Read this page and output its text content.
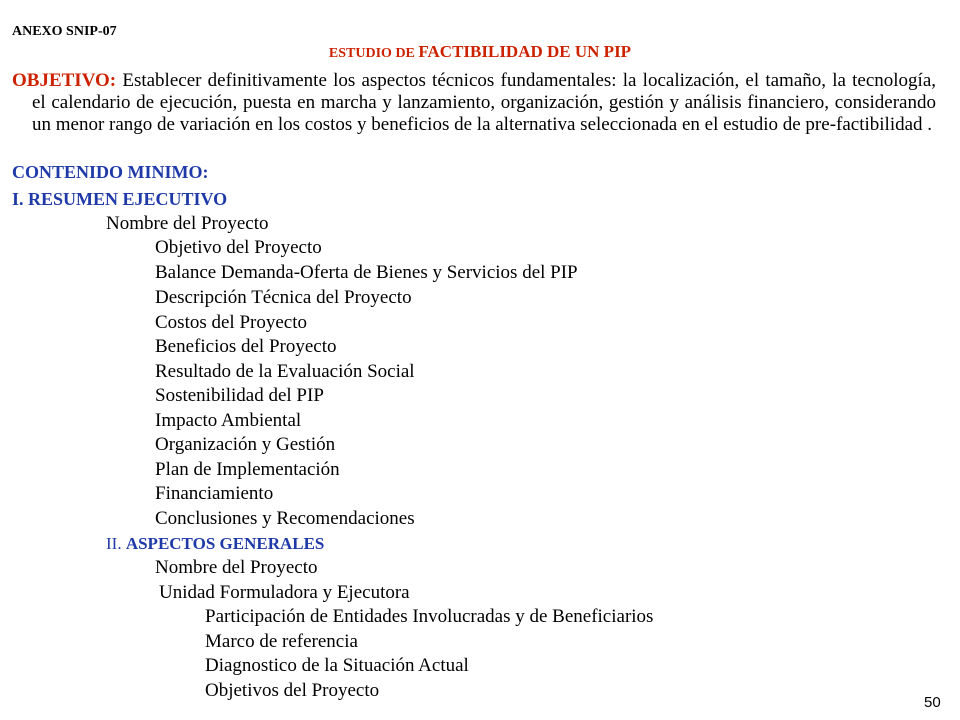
ANEXO SNIP-07
ESTUDIO DE FACTIBILIDAD DE UN PIP
OBJETIVO: Establecer definitivamente los aspectos técnicos fundamentales: la localización, el tamaño, la tecnología, el calendario de ejecución, puesta en marcha y lanzamiento, organización, gestión y análisis financiero, considerando un menor rango de variación en los costos y beneficios de la alternativa seleccionada en el estudio de pre-factibilidad .
CONTENIDO MINIMO:
I. RESUMEN EJECUTIVO
Nombre del Proyecto
Objetivo del Proyecto
Balance Demanda-Oferta de Bienes y Servicios del PIP
Descripción Técnica del Proyecto
Costos del Proyecto
Beneficios del Proyecto
Resultado de la Evaluación Social
Sostenibilidad del PIP
Impacto Ambiental
Organización y Gestión
Plan de Implementación
Financiamiento
Conclusiones y Recomendaciones
II. ASPECTOS GENERALES
Nombre del Proyecto
Unidad Formuladora y Ejecutora
Participación de Entidades Involucradas y de Beneficiarios
Marco de referencia
Diagnostico de la Situación Actual
Objetivos del Proyecto
50
